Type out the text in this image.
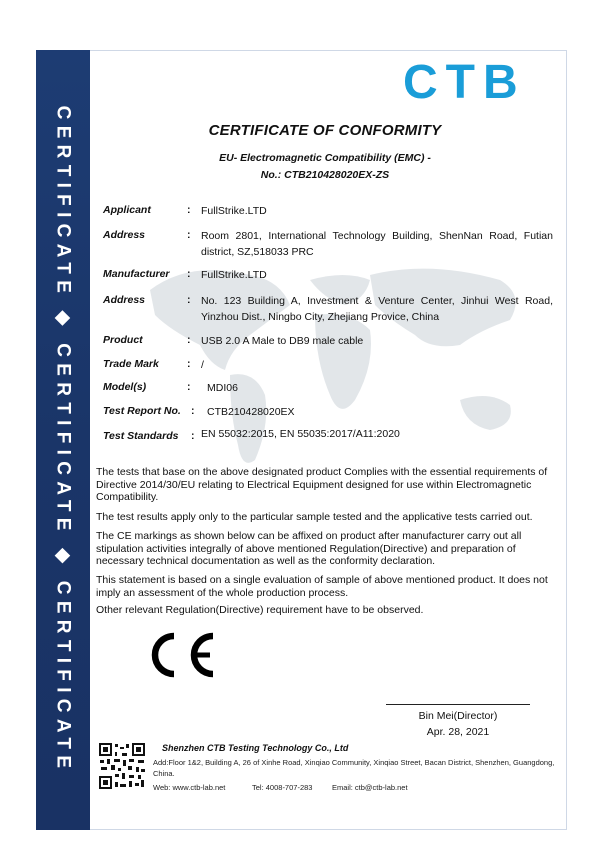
CERTIFICATE ◆ CERTIFICATE ◆ CERTIFICATE
CTB
CERTIFICATE OF CONFORMITY
EU- Electromagnetic Compatibility (EMC) -
No.: CTB210428020EX-ZS
Applicant	: FullStrike.LTD
Address	: Room 2801, International Technology Building, ShenNan Road, Futian district, SZ,518033 PRC
Manufacturer : FullStrike.LTD
Address	: No. 123 Building A, Investment & Venture Center, Jinhui West Road, Yinzhou Dist., Ningbo City, Zhejiang Provice, China
Product	: USB 2.0 A Male to DB9 male cable
Trade Mark	: /
Model(s)	: MDI06
Test Report No. : CTB210428020EX
Test Standards : EN 55032:2015, EN 55035:2017/A11:2020
The tests that base on the above designated product Complies with the essential requirements of Directive 2014/30/EU relating to Electrical Equipment designed for use within Electromagnetic Compatibility.
The test results apply only to the particular sample tested and the applicative tests carried out.
The CE markings as shown below can be affixed on product after manufacturer carry out all stipulation activities integrally of above mentioned Regulation(Directive) and preparation of necessary technical documentation as well as the conformity declaration.
This statement is based on a single evaluation of sample of above mentioned product. It does not imply an assessment of the whole production process.
Other relevant Regulation(Directive) requirement have to be observed.
Bin Mei(Director)
Apr. 28, 2021
Shenzhen CTB Testing Technology Co., Ltd
Add:Floor 1&2, Building A, 26 of Xinhe Road, Xinqiao Community, Xinqiao Street, Bacan District, Shenzhen, Guangdong, China.
Web: www.ctb-lab.net	Tel: 4008-707-283	Email: ctb@ctb-lab.net
